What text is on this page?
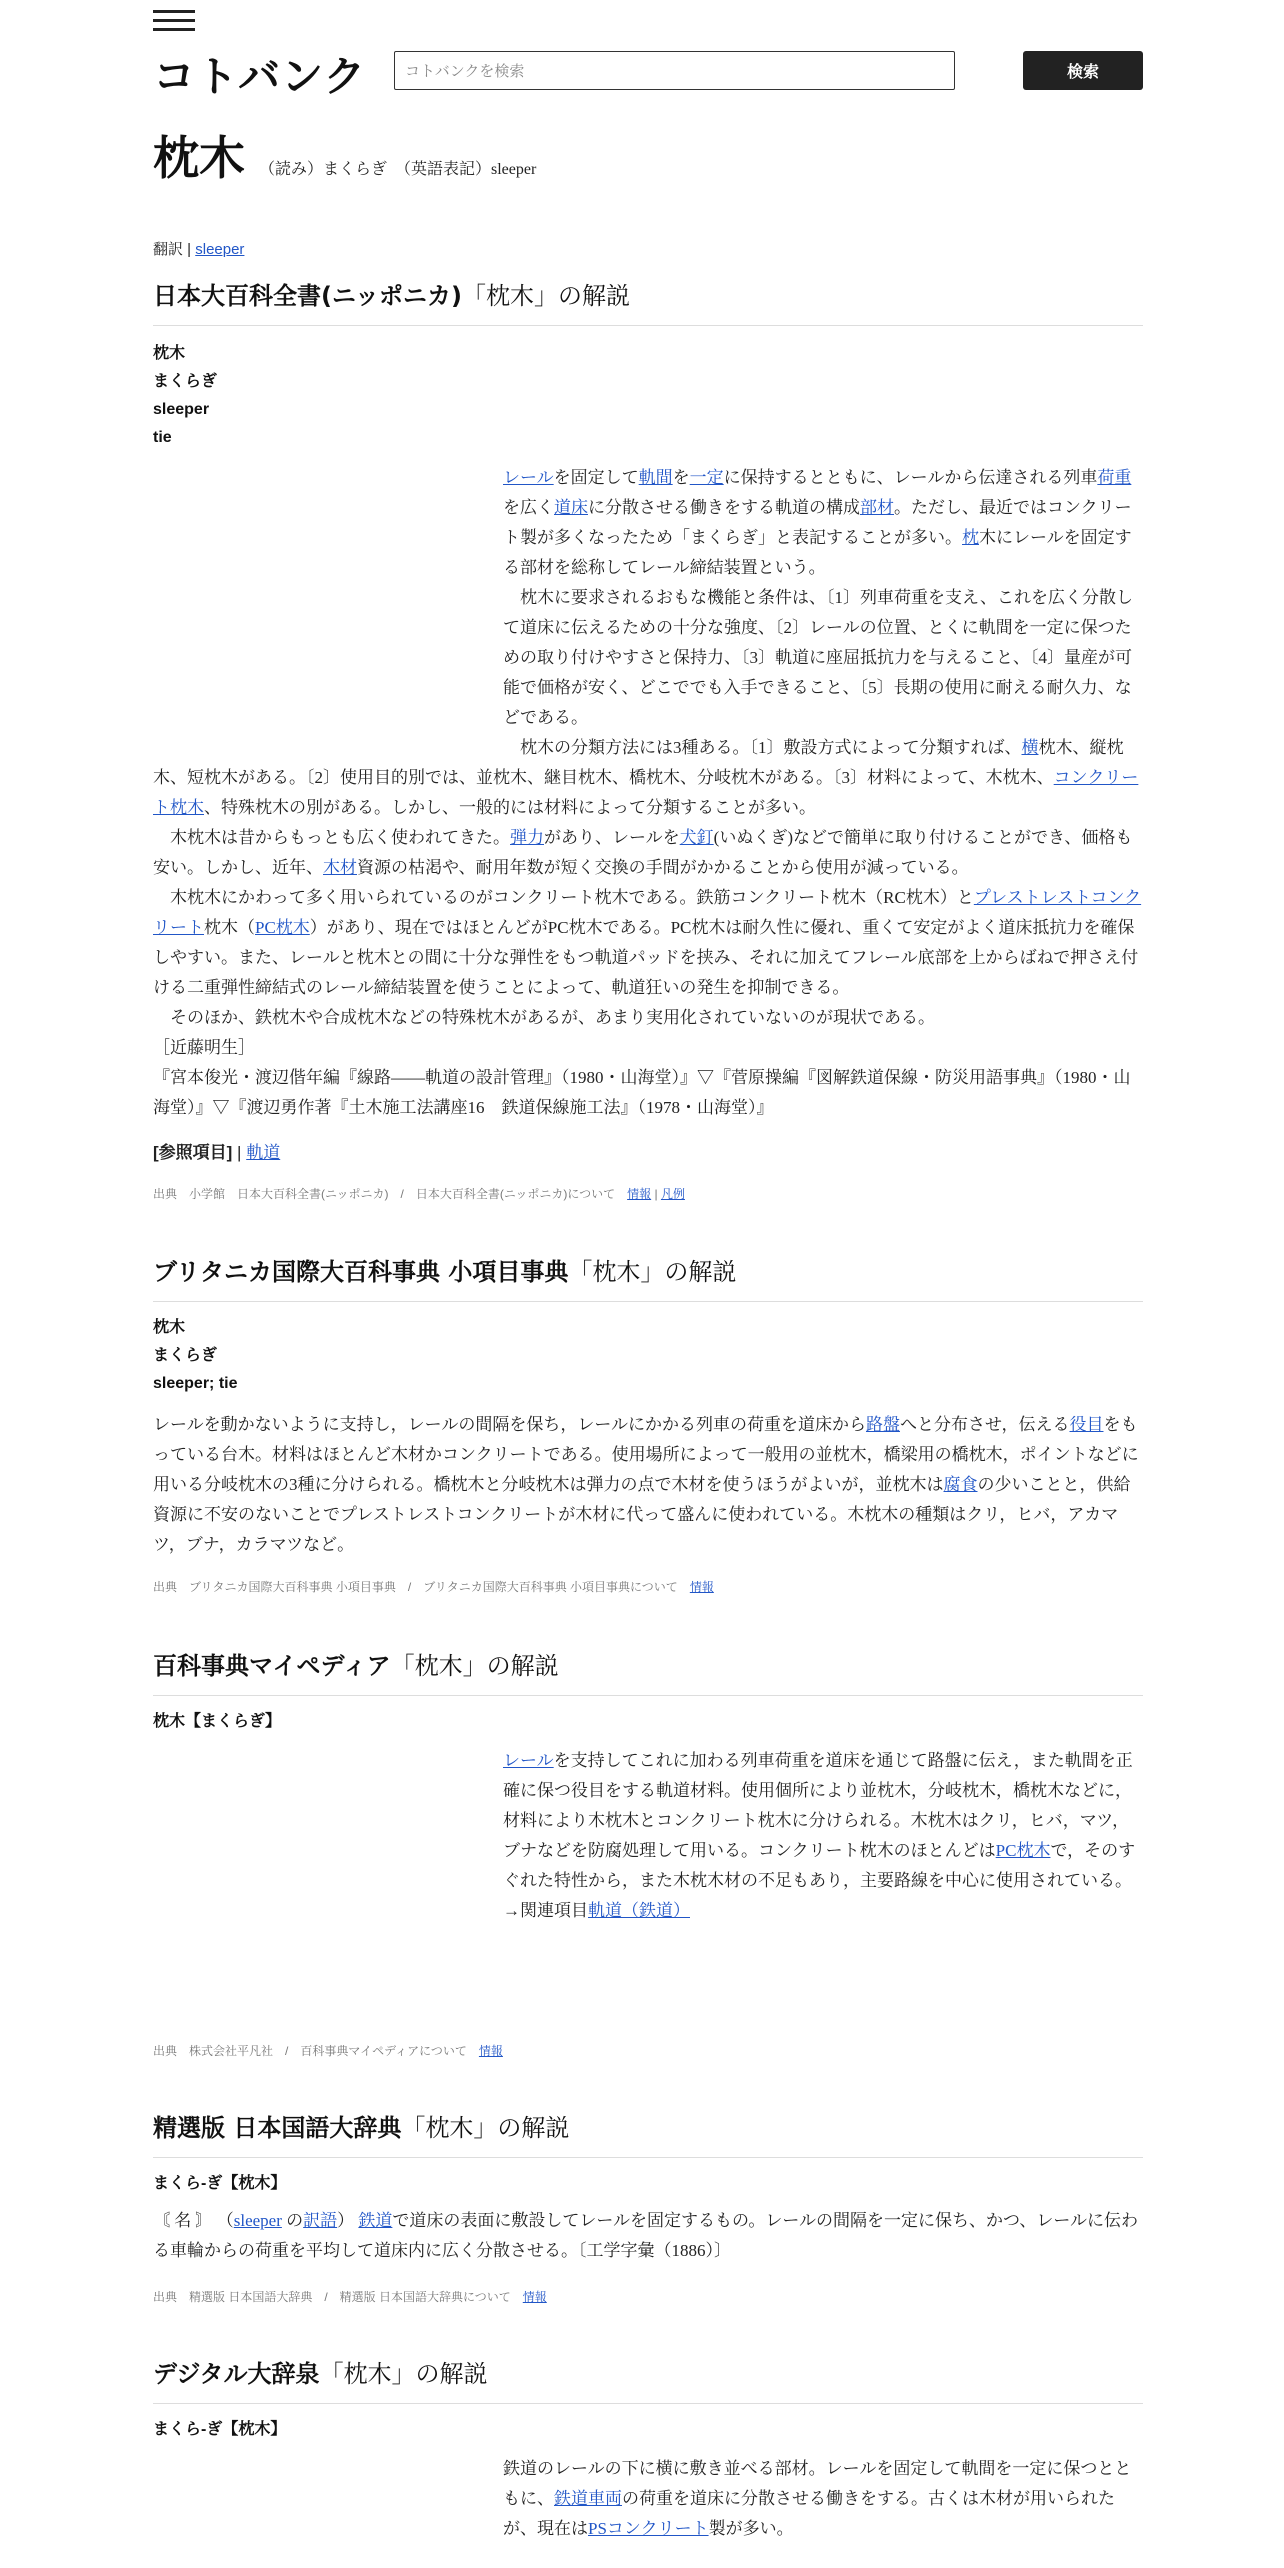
コトバンク
コトバンクを検索	検索
枕木 （読み）まくらぎ　（英語表記）sleeper
翻訳 | sleeper
日本大百科全書(ニッポニカ)「枕木」の解説
枕木
まくらぎ
sleeper
tie
レールを固定して軌間を一定に保持するとともに、レールから伝達される列車荷重を広く道床に分散させる働きをする軌道の構成部材。ただし、最近ではコンクリート製が多くなったため「まくらぎ」と表記することが多い。枕木にレールを固定する部材を総称してレール締結装置という。
枕木に要求されるおもな機能と条件は、〔1〕列車荷重を支え、これを広く分散して道床に伝えるための十分な強度、〔2〕レールの位置、とくに軌間を一定に保つための取り付けやすさと保持力、〔3〕軌道に座屈抵抗力を与えること、〔4〕量産が可能で価格が安く、どこででも入手できること、〔5〕長期の使用に耐える耐久力、などである。
枕木の分類方法には3種ある。〔1〕敷設方式によって分類すれば、横枕木、縦枕木、短枕木がある。〔2〕使用目的別では、並枕木、継目枕木、橋枕木、分岐枕木がある。〔3〕材料によって、木枕木、コンクリート枕木、特殊枕木の別がある。しかし、一般的には材料によって分類することが多い。
木枕木は昔からもっとも広く使われてきた。弾力があり、レールを犬釘(いぬくぎ)などで簡単に取り付けることができ、価格も安い。しかし、近年、木材資源の枯渇や、耐用年数が短く交換の手間がかかることから使用が減っている。
木枕木にかわって多く用いられているのがコンクリート枕木である。鉄筋コンクリート枕木（RC枕木）とプレストレストコンクリート枕木（PC枕木）があり、現在ではほとんどがPC枕木である。PC枕木は耐久性に優れ、重くて安定がよく道床抵抗力を確保しやすい。また、レールと枕木との間に十分な弾性をもつ軌道パッドを挟み、それに加えてフレール底部を上からばねで押さえ付ける二重弾性締結式のレール締結装置を使うことによって、軌道狂いの発生を抑制できる。
そのほか、鉄枕木や合成枕木などの特殊枕木があるが、あまり実用化されていないのが現状である。
［近藤明生］
『宮本俊光・渡辺偕年編『線路――軌道の設計管理』（1980・山海堂）』▽『菅原操編『図解鉄道保線・防災用語事典』（1980・山海堂）』▽『渡辺勇作著『土木施工法講座16　鉄道保線施工法』（1978・山海堂）』
[参照項目] | 軌道
出典　小学館　日本大百科全書(ニッポニカ)　/　日本大百科全書(ニッポニカ)について　情報 | 凡例
ブリタニカ国際大百科事典 小項目事典「枕木」の解説
枕木
まくらぎ
sleeper; tie
レールを動かないように支持し，レールの間隔を保ち，レールにかかる列車の荷重を道床から路盤へと分布させ，伝える役目をもっている台木。材料はほとんど木材かコンクリートである。使用場所によって一般用の並枕木，橋梁用の橋枕木，ポイントなどに用いる分岐枕木の3種に分けられる。橋枕木と分岐枕木は弾力の点で木材を使うほうがよいが，並枕木は腐食の少いことと，供給資源に不安のないことでプレストレストコンクリートが木材に代って盛んに使われている。木枕木の種類はクリ，ヒバ，アカマツ，ブナ，カラマツなど。
出典　ブリタニカ国際大百科事典 小項目事典　/　ブリタニカ国際大百科事典 小項目事典について　情報
百科事典マイペディア「枕木」の解説
枕木【まくらぎ】
レールを支持してこれに加わる列車荷重を道床を通じて路盤に伝え，また軌間を正確に保つ役目をする軌道材料。使用個所により並枕木，分岐枕木，橋枕木などに，材料により木枕木とコンクリート枕木に分けられる。木枕木はクリ，ヒバ，マツ，ブナなどを防腐処理して用いる。コンクリート枕木のほとんどはPC枕木で，そのすぐれた特性から，また木枕木材の不足もあり，主要路線を中心に使用されている。
→関連項目軌道（鉄道）
出典　株式会社平凡社　/　百科事典マイペディアについて　情報
精選版 日本国語大辞典「枕木」の解説
まくら‐ぎ【枕木】
〘 名 〙 （sleeper の訳語） 鉄道で道床の表面に敷設してレールを固定するもの。レールの間隔を一定に保ち、かつ、レールに伝わる車輪からの荷重を平均して道床内に広く分散させる。〔工学字彙（1886）〕
出典　精選版 日本国語大辞典　/　精選版 日本国語大辞典について　情報
デジタル大辞泉「枕木」の解説
まくら‐ぎ【枕木】
鉄道のレールの下に横に敷き並べる部材。レールを固定して軌間を一定に保つとともに、鉄道車両の荷重を道床に分散させる働きをする。古くは木材が用いられたが、現在はPSコンクリート製が多い。
